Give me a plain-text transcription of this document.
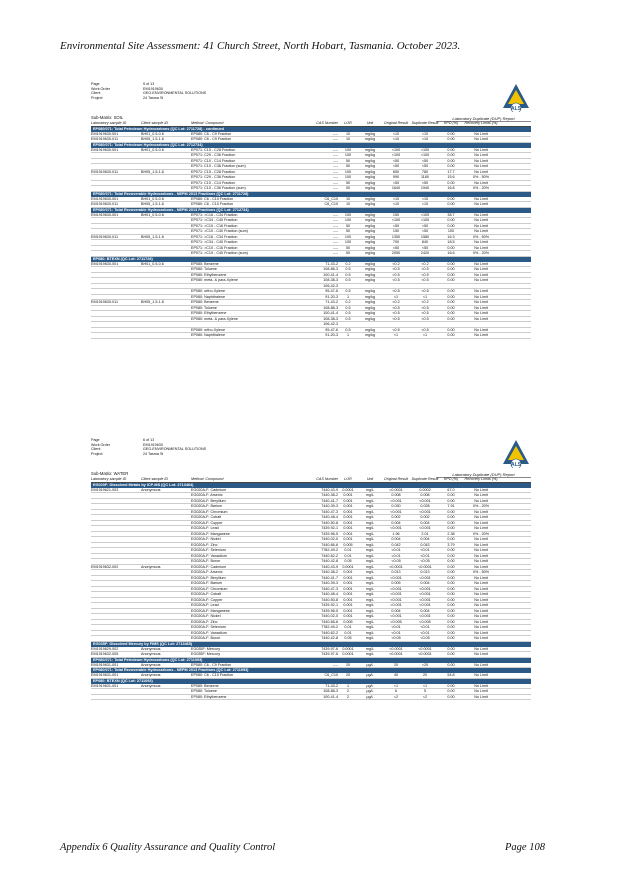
Environmental Site Assessment: 41 Church Street, North Hobart, Tasmania. October 2023.
Page	5 of 13
Work Order	EM1919630
Client	GEO-ENVIRONMENTAL SOLUTIONS
Project	24 Tasma St
ALS
Sub-Matrix: SOIL	Laboratory Duplicate (DUP) Report
Laboratory sample ID	Client sample ID	Method: Compound	CAS Number	LOR	Unit	Original Result Duplicate Result	RPD (%)	Recovery Limits (%)
EP080/071: Total Petroleum Hydrocarbons (QC Lot: 2711728) - continued
EM1919630-001	BH01_0.5-0.6	EP080: C6 - C9 Fraction	----	10	mg/kg	<10	<10	0.00	No Limit
EM1919630-011	BH05_1.5-1.6	EP080: C6 - C9 Fraction	----	10	mg/kg	<10	<10	0.00	No Limit
EP080/071: Total Petroleum Hydrocarbons (QC Lot: 2712734)
EM1919630-001	BH01_0.5-0.6	EP071: C15 - C28 Fraction	----	100	mg/kg	<100	<100	0.00	No Limit
EP071: C29 - C36 Fraction	----	100	mg/kg	<100	<100	0.00	No Limit
EP071: C10 - C14 Fraction	----	50	mg/kg	<50	<50	0.00	No Limit
EP071: C10 - C36 Fraction (sum)	----	50	mg/kg	<50	<50	0.00	No Limit
EM1919630-011	BH05_1.5-1.6	EP071: C15 - C28 Fraction	----	100	mg/kg	650	780	17.7	No Limit
EP071: C29 - C36 Fraction	----	100	mg/kg	990	1160	15.6	0% - 50%
EP071: C10 - C14 Fraction	----	50	mg/kg	<50	<50	0.00	No Limit
EP071: C10 - C36 Fraction (sum)	----	50	mg/kg	1640	1940	16.8	0% - 20%
EP080/071: Total Recoverable Hydrocarbons - NEPM 2013 Fractions (QC Lot: 2711728)
EM1919630-001	BH01_0.5-0.6	EP080: C6 - C10 Fraction	C6_C10	10	mg/kg	<10	<10	0.00	No Limit
EM1919630-011	BH05_1.5-1.6	EP080: C6 - C10 Fraction	C6_C10	10	mg/kg	<10	<10	0.00	No Limit
EP080/071: Total Recoverable Hydrocarbons - NEPM 2013 Fractions (QC Lot: 2712734)
EM1919630-001	BH01_0.5-0.6	EP071: >C16 - C34 Fraction	----	100	mg/kg	150	<100	38.7	No Limit
EP071: >C34 - C40 Fraction	----	100	mg/kg	<100	<100	0.00	No Limit
EP071: >C10 - C16 Fraction	----	50	mg/kg	<50	<50	0.00	No Limit
EP071: >C10 - C40 Fraction (sum)	----	50	mg/kg	150	<50	100	No Limit
EM1919630-011	BH05_1.5-1.6	EP071: >C16 - C34 Fraction	----	100	mg/kg	1350	1580	16.3	0% - 50%
EP071: >C34 - C40 Fraction	----	100	mg/kg	700	840	18.5	No Limit
EP071: >C10 - C16 Fraction	----	50	mg/kg	<50	<50	0.00	No Limit
EP071: >C10 - C40 Fraction (sum)	----	50	mg/kg	2050	2420	16.6	0% - 20%
EP080: BTEXN (QC Lot: 2711728)
EM1919630-001	BH01_0.5-0.6	EP080: Benzene	71-43-2	0.2	mg/kg	<0.2	<0.2	0.00	No Limit
EP080: Toluene	108-88-3	0.5	mg/kg	<0.5	<0.5	0.00	No Limit
EP080: Ethylbenzene	100-41-4	0.5	mg/kg	<0.5	<0.5	0.00	No Limit
EP080: meta- & para-Xylene	108-38-3	0.5	mg/kg	<0.5	<0.5	0.00	No Limit
106-42-3
EP080: ortho-Xylene	95-47-6	0.5	mg/kg	<0.5	<0.5	0.00	No Limit
EP080: Naphthalene	91-20-3	1	mg/kg	<1	<1	0.00	No Limit
EM1919630-011	BH05_1.5-1.6	EP080: Benzene	71-43-2	0.2	mg/kg	<0.2	<0.2	0.00	No Limit
EP080: Toluene	108-88-3	0.5	mg/kg	<0.5	<0.5	0.00	No Limit
EP080: Ethylbenzene	100-41-4	0.5	mg/kg	<0.5	<0.5	0.00	No Limit
EP080: meta- & para-Xylene	108-38-3	0.5	mg/kg	<0.5	<0.5	0.00	No Limit
106-42-3
EP080: ortho-Xylene	95-47-6	0.5	mg/kg	<0.5	<0.5	0.00	No Limit
EP080: Naphthalene	91-20-3	1	mg/kg	<1	<1	0.00	No Limit
Page	6 of 13
Work Order	EM1919630
Client	GEO-ENVIRONMENTAL SOLUTIONS
Project	24 Tasma St
ALS
Sub-Matrix: WATER	Laboratory Duplicate (DUP) Report
Laboratory sample ID	Client sample ID	Method: Compound	CAS Number	LOR	Unit	Original Result Duplicate Result	RPD (%)	Recovery Limits (%)
EG020F: Dissolved Metals by ICP-MS (QC Lot: 2713464)
EM1919621-003	Anonymous	EG020A-F: Cadmium	7440-43-9	0.0001	mg/L	<0.0001	0.0002	67.0	No Limit
EG020A-F: Arsenic	7440-38-2	0.001	mg/L	0.008	0.008	0.00	No Limit
EG020A-F: Beryllium	7440-41-7	0.001	mg/L	<0.001	<0.001	0.00	No Limit
EG020A-F: Barium	7440-39-3	0.001	mg/L	0.030	0.028	7.91	0% - 20%
EG020A-F: Chromium	7440-47-3	0.001	mg/L	<0.001	<0.001	0.00	No Limit
EG020A-F: Cobalt	7440-48-4	0.001	mg/L	0.002	0.002	0.00	No Limit
EG020A-F: Copper	7440-50-8	0.001	mg/L	0.004	0.004	0.00	No Limit
EG020A-F: Lead	7439-92-1	0.001	mg/L	<0.001	<0.001	0.00	No Limit
EG020A-F: Manganese	7439-96-5	0.001	mg/L	1.96	2.01	2.38	0% - 20%
EG020A-F: Nickel	7440-02-0	0.001	mg/L	0.004	0.004	0.00	No Limit
EG020A-F: Zinc	7440-66-6	0.005	mg/L	0.042	0.043	3.79	No Limit
EG020A-F: Selenium	7782-49-2	0.01	mg/L	<0.01	<0.01	0.00	No Limit
EG020A-F: Vanadium	7440-62-2	0.01	mg/L	<0.01	<0.01	0.00	No Limit
EG020A-F: Boron	7440-42-8	0.05	mg/L	<0.05	<0.05	0.00	No Limit
EM1919632-002	Anonymous	EG020A-F: Cadmium	7440-43-9	0.0001	mg/L	<0.0001	<0.0001	0.00	No Limit
EG020A-F: Arsenic	7440-38-2	0.001	mg/L	0.013	0.013	0.00	0% - 50%
EG020A-F: Beryllium	7440-41-7	0.001	mg/L	<0.001	<0.001	0.00	No Limit
EG020A-F: Barium	7440-39-3	0.001	mg/L	0.005	0.004	0.00	No Limit
EG020A-F: Chromium	7440-47-3	0.001	mg/L	<0.001	<0.001	0.00	No Limit
EG020A-F: Cobalt	7440-48-4	0.001	mg/L	<0.001	<0.001	0.00	No Limit
EG020A-F: Copper	7440-50-8	0.001	mg/L	<0.001	<0.001	0.00	No Limit
EG020A-F: Lead	7439-92-1	0.001	mg/L	<0.001	<0.001	0.00	No Limit
EG020A-F: Manganese	7439-96-5	0.001	mg/L	0.004	0.004	0.00	No Limit
EG020A-F: Nickel	7440-02-0	0.001	mg/L	<0.001	<0.001	0.00	No Limit
EG020A-F: Zinc	7440-66-6	0.005	mg/L	<0.005	<0.005	0.00	No Limit
EG020A-F: Selenium	7782-49-2	0.01	mg/L	<0.01	<0.01	0.00	No Limit
EG020A-F: Vanadium	7440-62-2	0.01	mg/L	<0.01	<0.01	0.00	No Limit
EG020A-F: Boron	7440-42-8	0.05	mg/L	<0.05	<0.05	0.00	No Limit
EG035F: Dissolved Mercury by FIMS (QC Lot: 2713465)
EM1919629-002	Anonymous	EG035F: Mercury	7439-97-6	0.0001	mg/L	<0.0001	<0.0001	0.00	No Limit
EM1919632-005	Anonymous	EG035F: Mercury	7439-97-6	0.0001	mg/L	<0.0001	<0.0001	0.00	No Limit
EP080/071: Total Petroleum Hydrocarbons (QC Lot: 2711093)
EM1919631-001	Anonymous	EP080: C6 - C9 Fraction	----	20	µg/L	20	<20	0.00	No Limit
EP080/071: Total Recoverable Hydrocarbons - NEPM 2013 Fractions (QC Lot: 2711093)
EM1919631-001	Anonymous	EP080: C6 - C10 Fraction	C6_C10	20	µg/L	40	20	54.8	No Limit
EP080: BTEXN (QC Lot: 2711093)
EM1919631-001	Anonymous	EP080: Benzene	71-43-2	1	µg/L	<1	<1	0.00	No Limit
EP080: Toluene	108-88-3	2	µg/L	6	5	0.00	No Limit
EP080: Ethylbenzene	100-41-4	2	µg/L	<2	<2	0.00	No Limit
Appendix 6 Quality Assurance and Quality Control	Page 108
